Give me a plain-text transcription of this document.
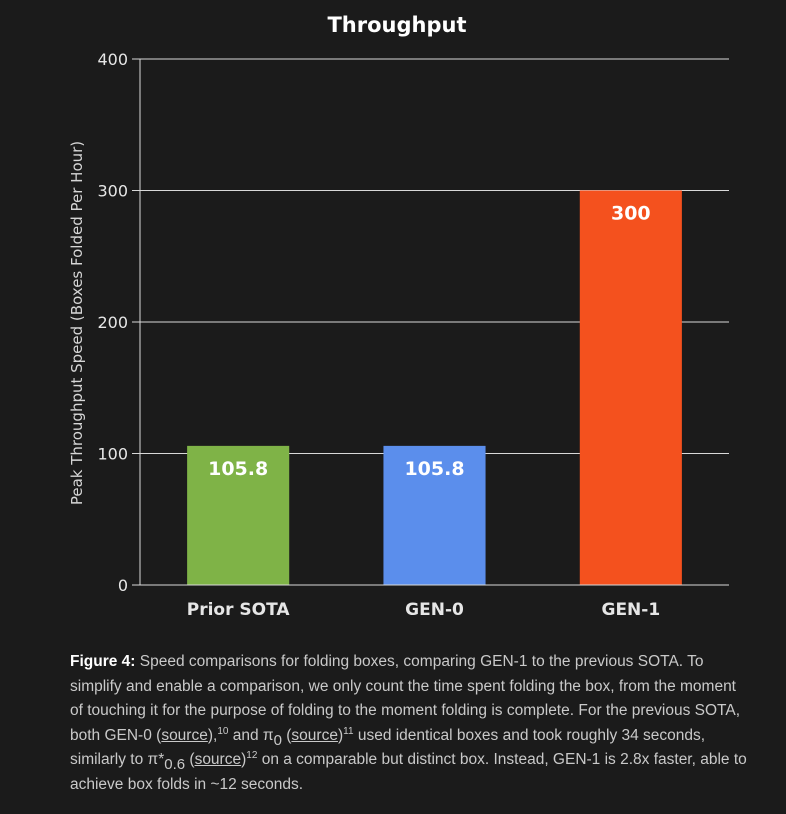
Throughput
Peak Throughput Speed (Boxes Folded Per Hour)
0
100
200
300
400
105.8	105.8
300
Prior SOTA	GEN-0	GEN-1

Figure 4: Speed comparisons for folding boxes, comparing GEN-1 to the previous SOTA. To simplify and enable a comparison, we only count the time spent folding the box, from the moment of touching it for the purpose of folding to the moment folding is complete. For the previous SOTA, both GEN-0 (source),$^{10}$ and $\pi_0$ (source)$^{11}$ used identical boxes and took roughly 34 seconds, similarly to $\pi*_{0.6}$ (source)$^{12}$ on a comparable but distinct box. Instead, GEN-1 is 2.8x faster, able to achieve box folds in ~12 seconds.
